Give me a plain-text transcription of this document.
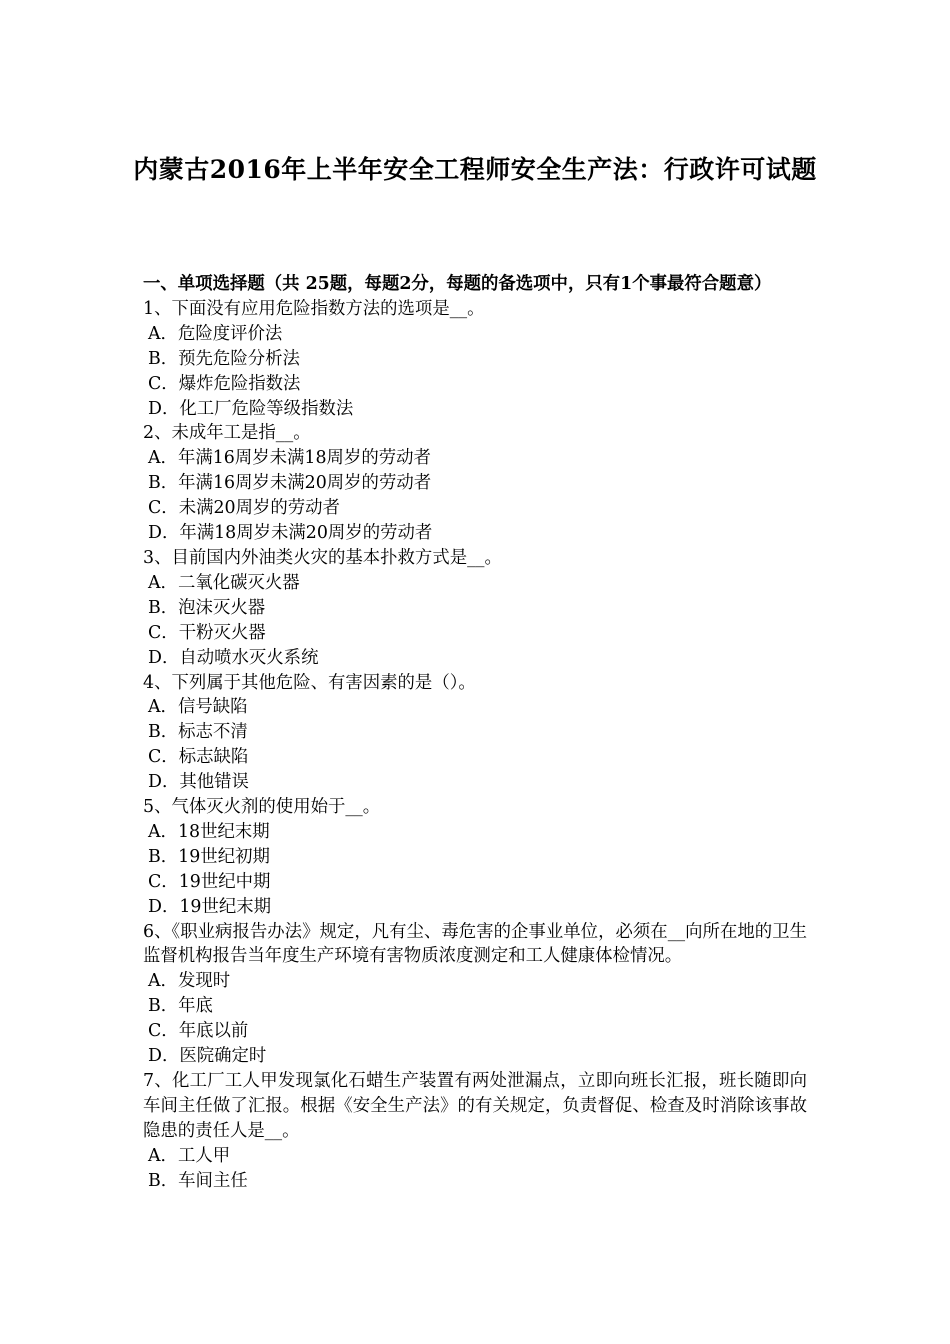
内蒙古2016年上半年安全工程师安全生产法：行政许可试题

一、单项选择题（共 25题，每题2分，每题的备选项中，只有1个事最符合题意）

1、下面没有应用危险指数方法的选项是__。

A．危险度评价法

B．预先危险分析法

C．爆炸危险指数法

D．化工厂危险等级指数法

2、未成年工是指__。

A．年满16周岁未满18周岁的劳动者

B．年满16周岁未满20周岁的劳动者

C．未满20周岁的劳动者

D．年满18周岁未满20周岁的劳动者

3、目前国内外油类火灾的基本扑救方式是__。

A．二氧化碳灭火器

B．泡沫灭火器

C．干粉灭火器

D．自动喷水灭火系统

4、下列属于其他危险、有害因素的是（）。

A．信号缺陷

B．标志不清

C．标志缺陷

D．其他错误

5、气体灭火剂的使用始于__。

A．18世纪末期

B．19世纪初期

C．19世纪中期

D．19世纪末期

6、《职业病报告办法》规定，凡有尘、毒危害的企事业单位，必须在__向所在地的卫生监督机构报告当年度生产环境有害物质浓度测定和工人健康体检情况。

A．发现时

B．年底

C．年底以前

D．医院确定时

7、化工厂工人甲发现氯化石蜡生产装置有两处泄漏点，立即向班长汇报，班长随即向车间主任做了汇报。根据《安全生产法》的有关规定，负责督促、检查及时消除该事故隐患的责任人是__。

A．工人甲

B．车间主任
